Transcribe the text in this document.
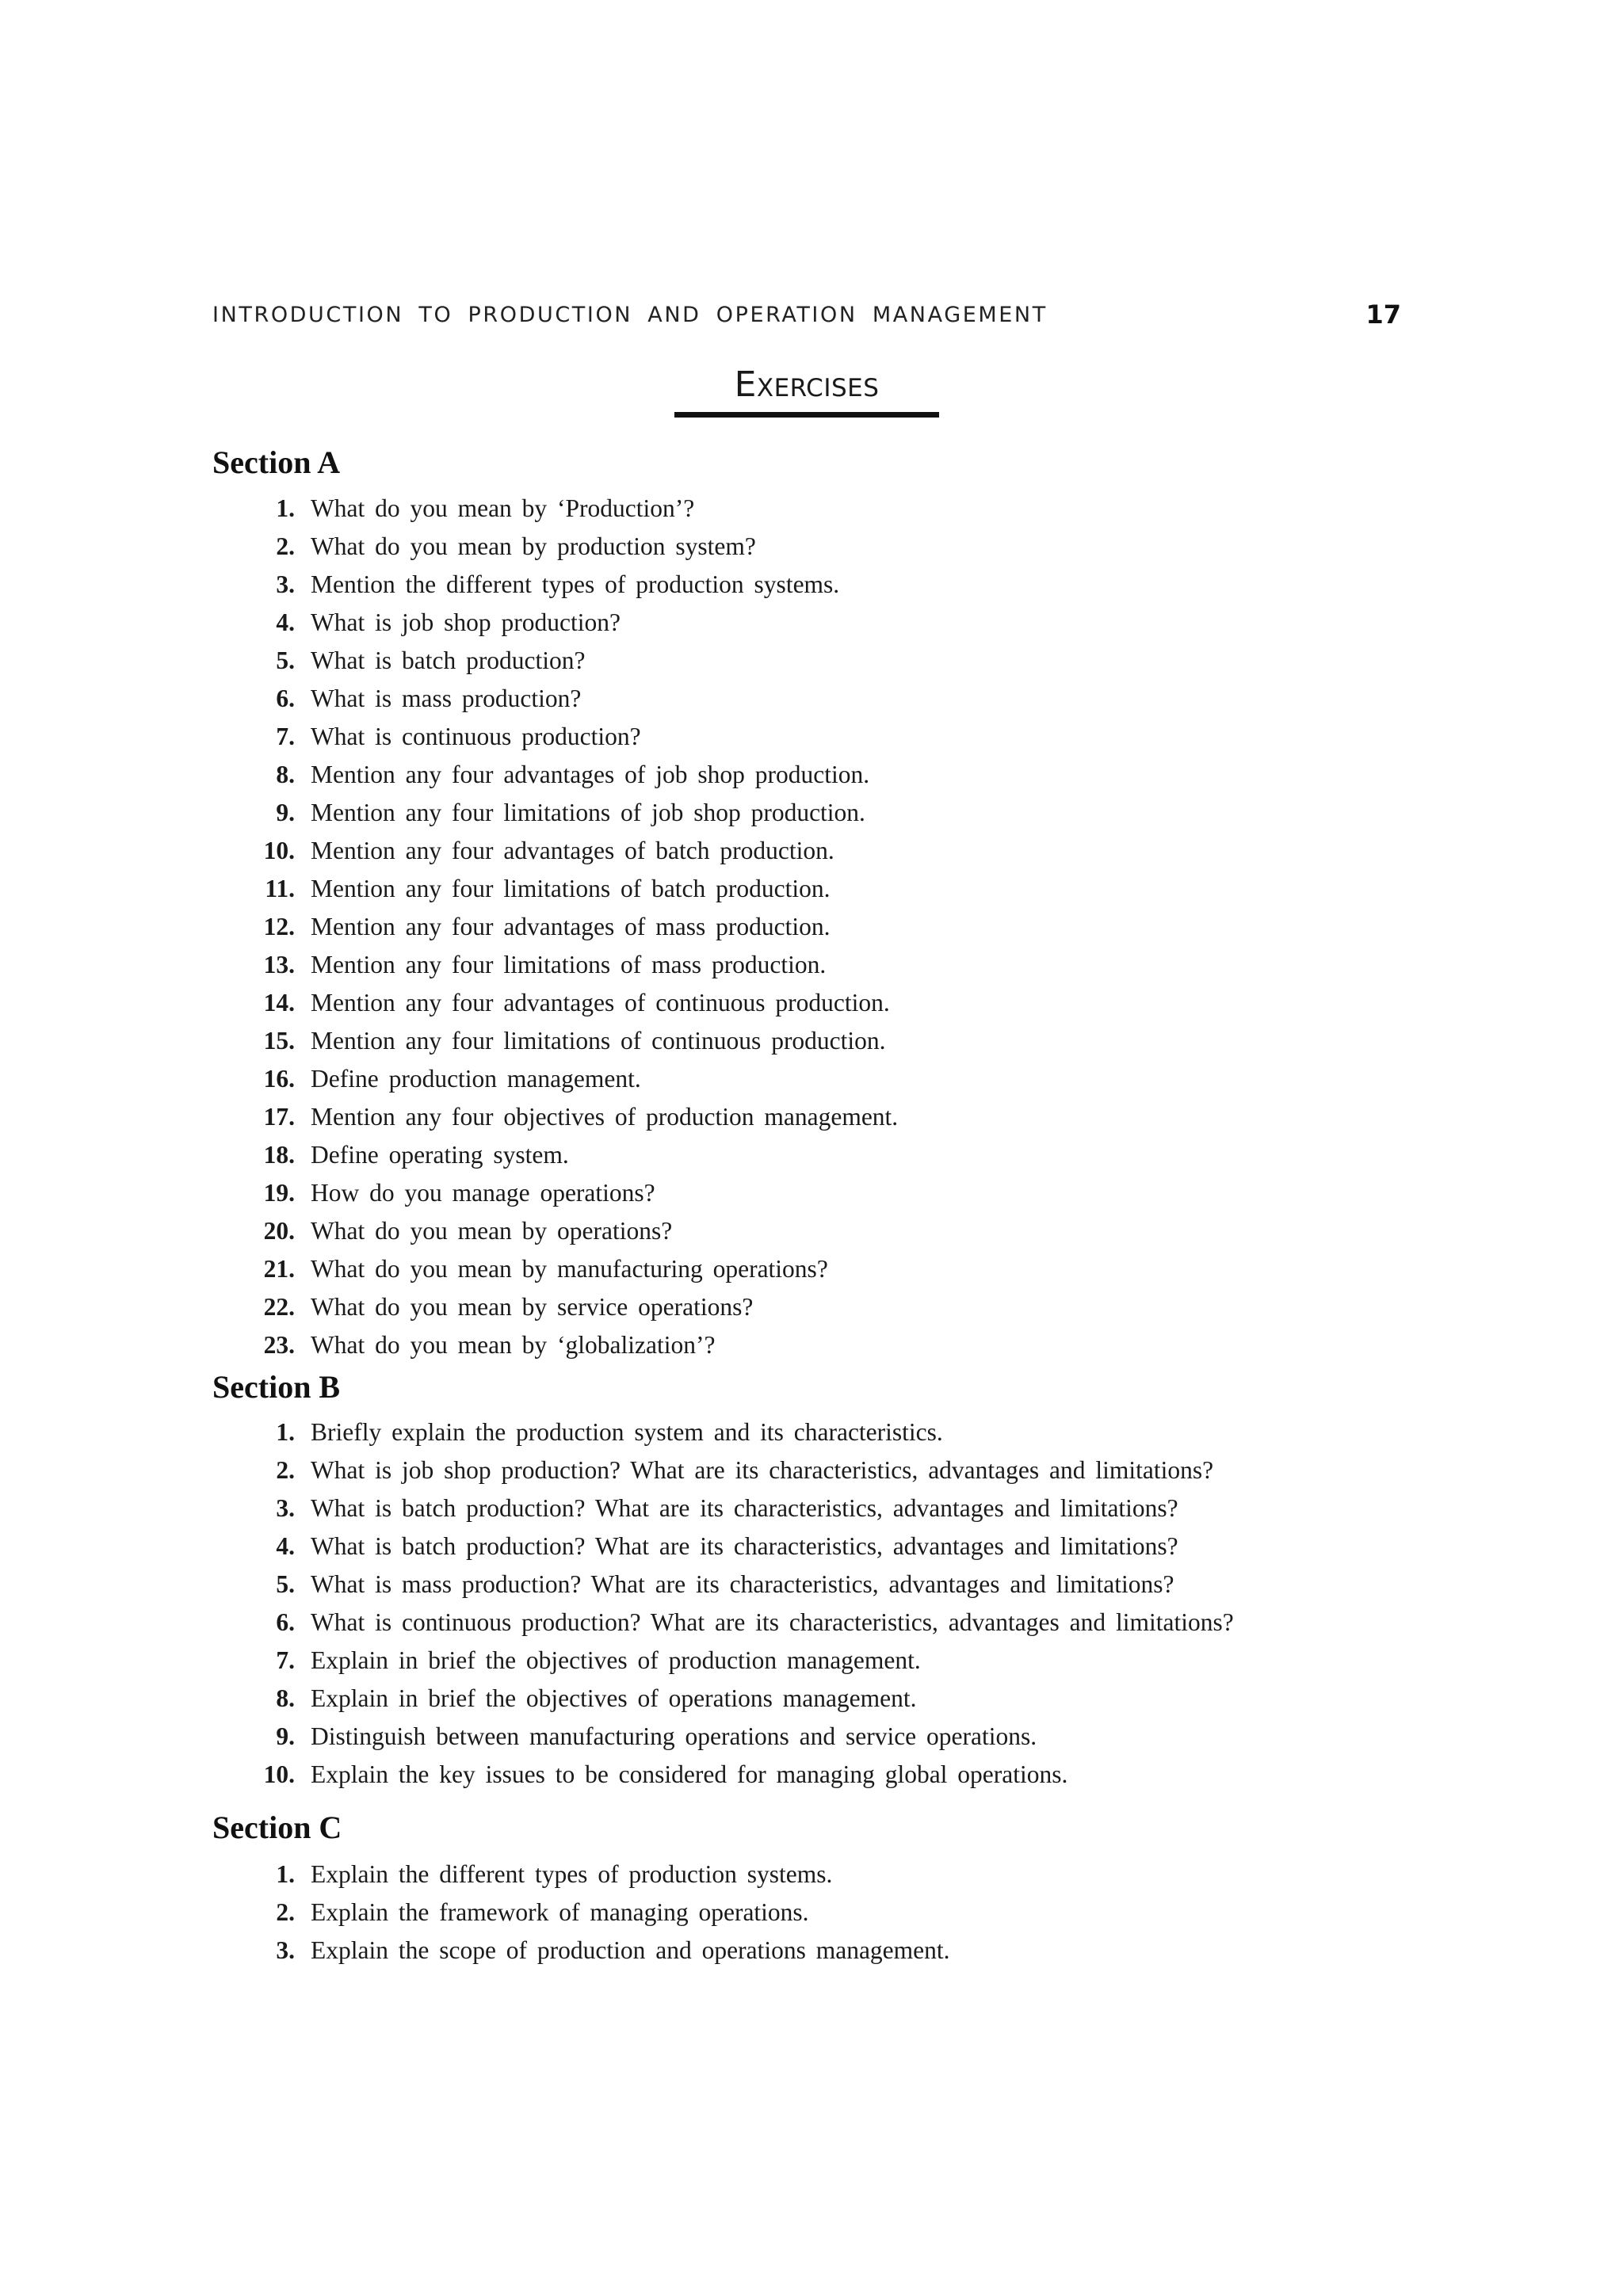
INTRODUCTION TO PRODUCTION AND OPERATION MANAGEMENT	17
Exercises
Section A
1. What do you mean by ‘Production’?
2. What do you mean by production system?
3. Mention the different types of production systems.
4. What is job shop production?
5. What is batch production?
6. What is mass production?
7. What is continuous production?
8. Mention any four advantages of job shop production.
9. Mention any four limitations of job shop production.
10. Mention any four advantages of batch production.
11. Mention any four limitations of batch production.
12. Mention any four advantages of mass production.
13. Mention any four limitations of mass production.
14. Mention any four advantages of continuous production.
15. Mention any four limitations of continuous production.
16. Define production management.
17. Mention any four objectives of production management.
18. Define operating system.
19. How do you manage operations?
20. What do you mean by operations?
21. What do you mean by manufacturing operations?
22. What do you mean by service operations?
23. What do you mean by ‘globalization’?
Section B
1. Briefly explain the production system and its characteristics.
2. What is job shop production? What are its characteristics, advantages and limitations?
3. What is batch production? What are its characteristics, advantages and limitations?
4. What is batch production? What are its characteristics, advantages and limitations?
5. What is mass production? What are its characteristics, advantages and limitations?
6. What is continuous production? What are its characteristics, advantages and limitations?
7. Explain in brief the objectives of production management.
8. Explain in brief the objectives of operations management.
9. Distinguish between manufacturing operations and service operations.
10. Explain the key issues to be considered for managing global operations.
Section C
1. Explain the different types of production systems.
2. Explain the framework of managing operations.
3. Explain the scope of production and operations management.
